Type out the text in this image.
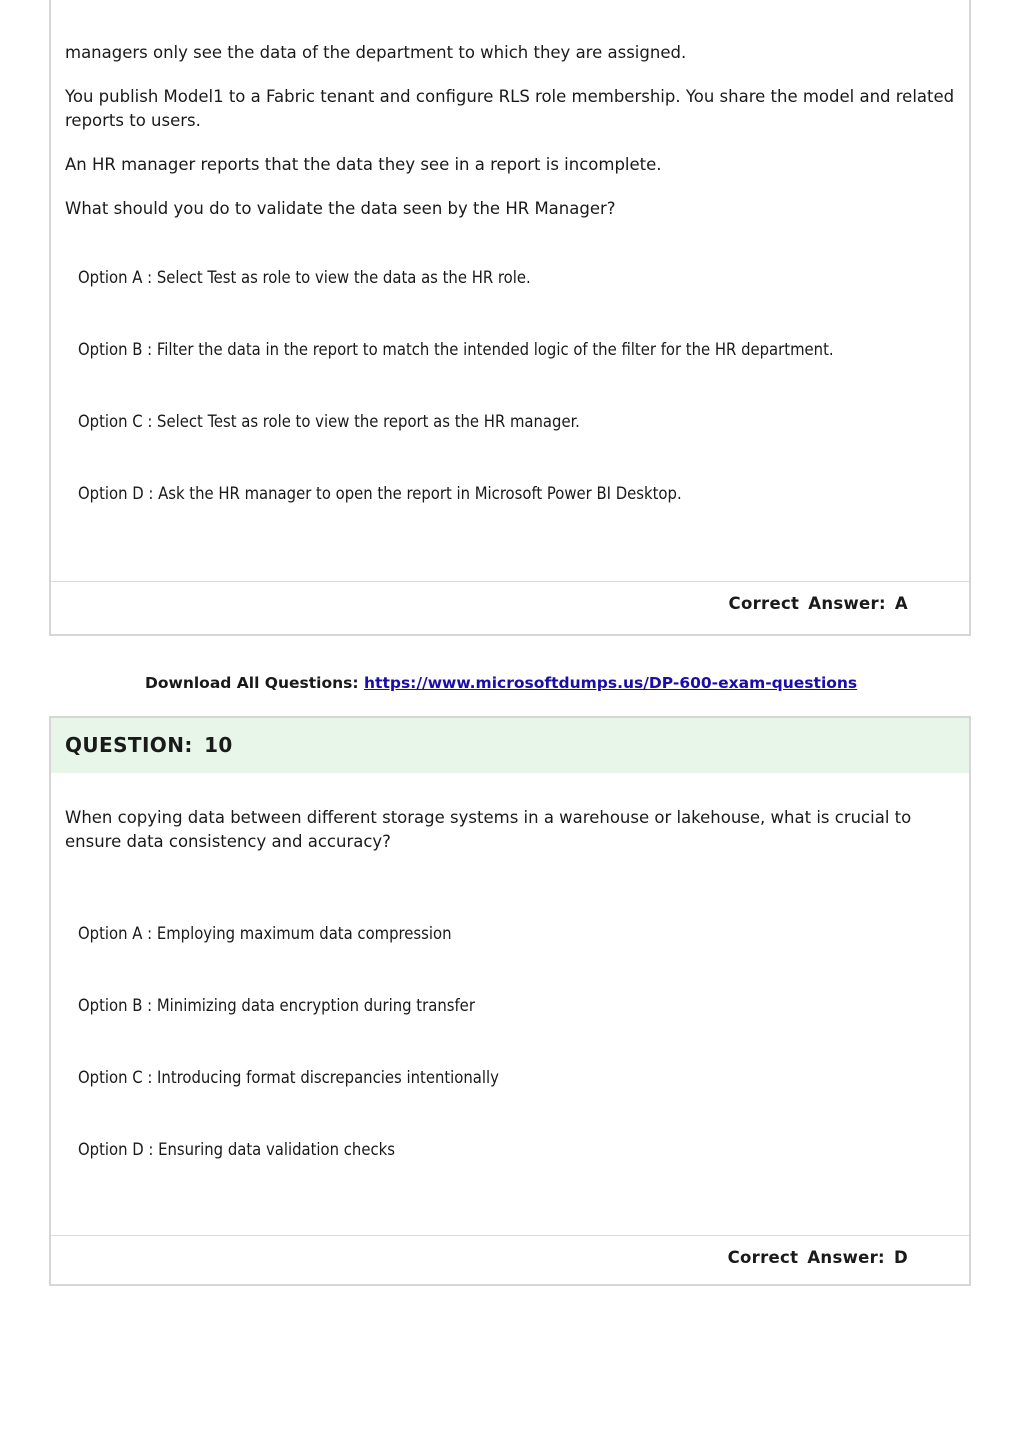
managers only see the data of the department to which they are assigned.

You publish Model1 to a Fabric tenant and configure RLS role membership. You share the model and related reports to users.

An HR manager reports that the data they see in a report is incomplete.

What should you do to validate the data seen by the HR Manager?

Option A : Select Test as role to view the data as the HR role.

Option B : Filter the data in the report to match the intended logic of the filter for the HR department.

Option C : Select Test as role to view the report as the HR manager.

Option D : Ask the HR manager to open the report in Microsoft Power BI Desktop.

Correct Answer: A
Download All Questions: https://www.microsoftdumps.us/DP-600-exam-questions
QUESTION: 10

When copying data between different storage systems in a warehouse or lakehouse, what is crucial to ensure data consistency and accuracy?

Option A : Employing maximum data compression

Option B : Minimizing data encryption during transfer

Option C : Introducing format discrepancies intentionally

Option D : Ensuring data validation checks

Correct Answer: D
